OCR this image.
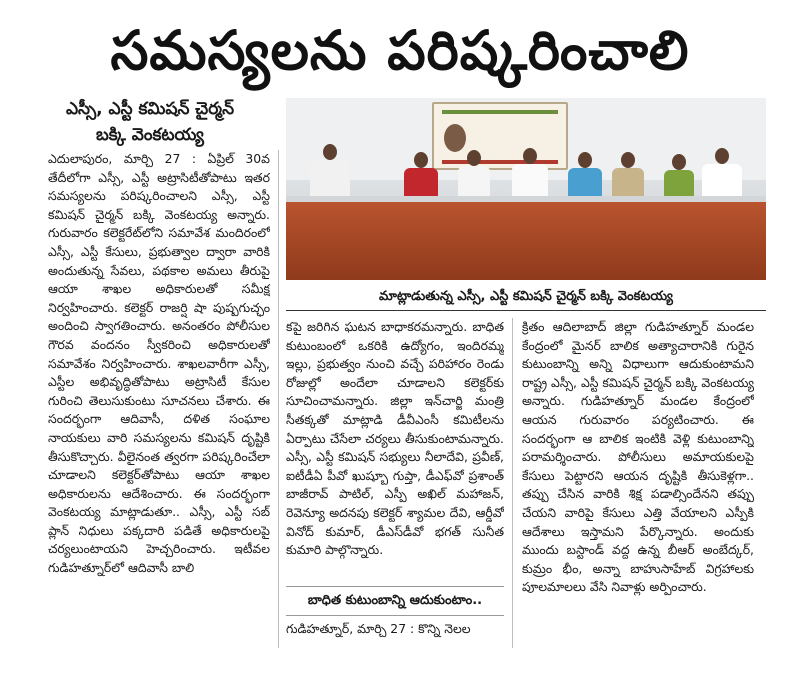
సమస్యలను పరిష్కరించాలి
ఎస్సీ, ఎస్టీ కమిషన్ చైర్మన్
బక్కి వెంకటయ్య
ఎదులాపురం, మార్చి 27 : ఏప్రిల్ 30వ తేదీలోగా ఎస్సీ, ఎస్టీ అట్రాసిటీతోపాటు ఇతర సమస్యలను పరిష్కరించాలని ఎస్సీ, ఎస్టీ కమిషన్ చైర్మన్ బక్కి వెంకటయ్య అన్నారు. గురువారం కలెక్టరేట్‌లోని సమావేశ మందిరంలో ఎస్సీ, ఎస్టీ కేసులు, ప్రభుత్వాల ద్వారా వారికి అందుతున్న సేవలు, పథకాల అమలు తీరుపై ఆయా శాఖల అధికారులతో సమీక్ష నిర్వహించారు. కలెక్టర్ రాజర్షి షా పుష్పగుచ్ఛం అందించి స్వాగతించారు. అనంతరం పోలీసుల గౌరవ వందనం స్వీకరించి అధికారులతో సమావేశం నిర్వహించారు. శాఖలవారీగా ఎస్సీ, ఎస్టీల అభివృద్ధితోపాటు అట్రాసిటీ కేసుల గురించి తెలుసుకుంటు సూచనలు చేశారు. ఈ సందర్భంగా ఆదివాసీ, దళిత సంఘాల నాయకులు వారి సమస్యలను కమిషన్ దృష్టికి తీసుకొచ్చారు. వీలైనంత త్వరగా పరిష్కరించేలా చూడాలని కలెక్టర్‌తోపాటు ఆయా శాఖల అధికారులను ఆదేశించారు. ఈ సందర్భంగా వెంకటయ్య మాట్లాడుతూ.. ఎస్సీ, ఎస్టీ సబ్ ప్లాన్ నిధులు పక్కదారి పడితే అధికారులపై చర్యలుంటాయని హెచ్చరించారు. ఇటీవల గుడిహత్నూర్‌లో ఆదివాసీ బాలి
మాట్లాడుతున్న ఎస్సీ, ఎస్టీ కమిషన్ చైర్మన్ బక్కి వెంకటయ్య
కపై జరిగిన ఘటన బాధాకరమన్నారు. బాధిత కుటుంబంలో ఒకరికి ఉద్యోగం, ఇందిరమ్మ ఇల్లు, ప్రభుత్వం నుంచి వచ్చే పరిహారం రెండు రోజుల్లో అందేలా చూడాలని కలెక్టర్‌కు సూచించామన్నారు. జిల్లా ఇన్‌చార్జి మంత్రి సీతక్కతో మాట్లాడి డీవీఎంసీ కమిటీలను ఏర్పాటు చేసేలా చర్యలు తీసుకుంటామన్నారు. ఎస్సీ, ఎస్టీ కమిషన్ సభ్యులు నీలాదేవి, ప్రవీణ్, ఐటీడీఏ పీవో ఖుష్బూ గుప్తా, డీఎఫ్‌వో ప్రశాంత్ బాజీరావ్ పాటిల్, ఎస్పీ అఖిల్ మహాజన్, రెవెన్యూ అదనపు కలెక్టర్ శ్యామల దేవి, ఆర్డీవో వినోద్ కుమార్, డీఎస్‌డీవో భగత్ సునీత కుమారి పాల్గొన్నారు.
బాధిత కుటుంబాన్ని ఆదుకుంటాం..
గుడిహత్నూర్, మార్చి 27 : కొన్ని నెలల
క్రితం ఆదిలాబాద్ జిల్లా గుడిహత్నూర్ మండల కేంద్రంలో మైనర్ బాలిక అత్యాచారానికి గురైన కుటుంబాన్ని అన్ని విధాలుగా ఆదుకుంటామని రాష్ట్ర ఎస్సీ, ఎస్టీ కమిషన్ చైర్మన్ బక్కి వెంకటయ్య అన్నారు. గుడిహత్నూర్ మండల కేంద్రంలో ఆయన గురువారం పర్యటించారు. ఈ సందర్భంగా ఆ బాలిక ఇంటికి వెళ్లి కుటుంబాన్ని పరామర్శించారు. పోలీసులు అమాయకులపై కేసులు పెట్టారని ఆయన దృష్టికి తీసుకెళ్లగా.. తప్పు చేసిన వారికి శిక్ష పడాల్సిందేనని తప్పు చేయని వారిపై కేసులు ఎత్తి వేయాలని ఎస్పీకి ఆదేశాలు ఇస్తామని పేర్కొన్నారు. అందుకు ముందు బస్టాండ్ వద్ద ఉన్న బీఆర్ అంబేద్కర్, కుమ్రం భీం, అన్నా బాహుసాహేబ్ విగ్రహాలకు పూలమాలలు వేసి నివాళ్లు అర్పించారు.
